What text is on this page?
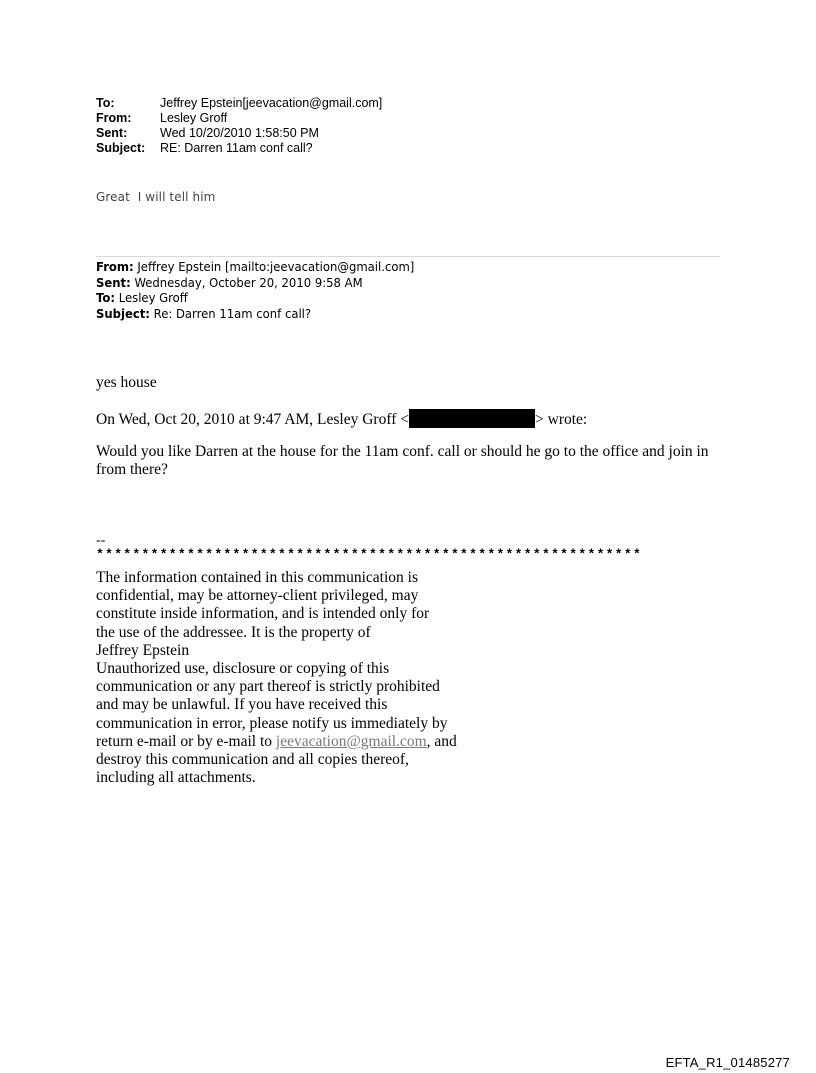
To:	Jeffrey Epstein[jeevacation@gmail.com]
From:	Lesley Groff
Sent:	Wed 10/20/2010 1:58:50 PM
Subject:	RE: Darren 11am conf call?
Great  I will tell him
From: Jeffrey Epstein [mailto:jeevacation@gmail.com]
Sent: Wednesday, October 20, 2010 9:58 AM
To: Lesley Groff
Subject: Re: Darren 11am conf call?
yes house
On Wed, Oct 20, 2010 at 9:47 AM, Lesley Groff <	> wrote:
Would you like Darren at the house for the 11am conf. call or should he go to the office and join in from there?
--
************************************************************
The information contained in this communication is
confidential, may be attorney-client privileged, may
constitute inside information, and is intended only for
the use of the addressee. It is the property of
Jeffrey Epstein
Unauthorized use, disclosure or copying of this
communication or any part thereof is strictly prohibited
and may be unlawful. If you have received this
communication in error, please notify us immediately by
return e-mail or by e-mail to jeevacation@gmail.com, and
destroy this communication and all copies thereof,
including all attachments.
EFTA_R1_01485277
